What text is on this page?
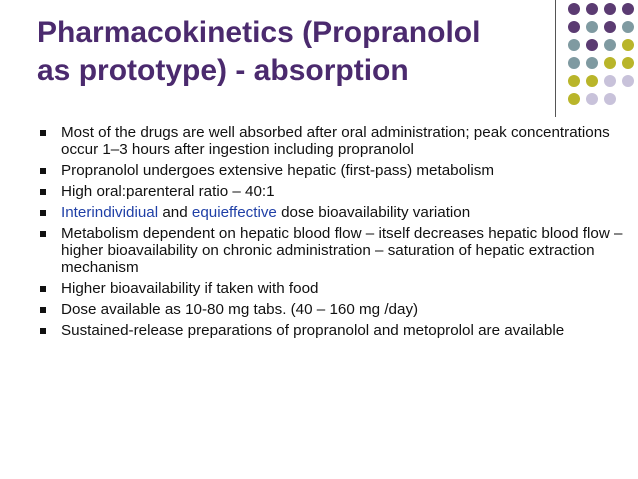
Pharmacokinetics (Propranolol
as prototype) - absorption
Most of the drugs are well absorbed after oral administration; peak concentrations occur 1–3 hours after ingestion including propranolol
Propranolol undergoes extensive hepatic (first-pass) metabolism
High oral:parenteral ratio – 40:1
Interindividiual and equieffective dose bioavailability variation
Metabolism dependent on hepatic blood flow – itself decreases hepatic blood flow – higher bioavailability on chronic administration – saturation of hepatic extraction mechanism
Higher bioavailability if taken with food
Dose available as 10-80 mg tabs. (40 – 160 mg /day)
Sustained-release preparations of propranolol and metoprolol are available
